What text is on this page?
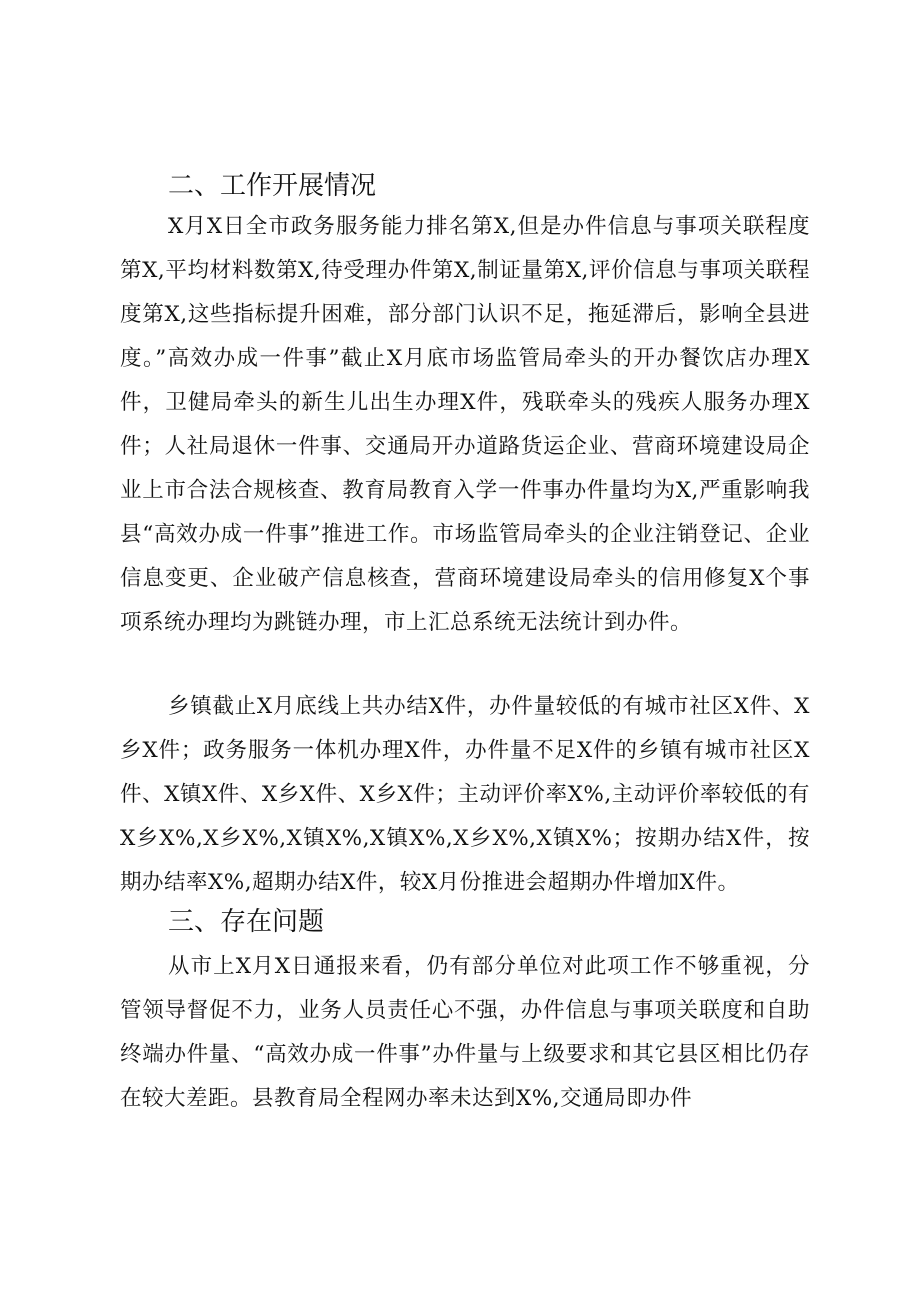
二、工作开展情况
X月X日全市政务服务能力排名第X,但是办件信息与事项关联程度第X,平均材料数第X,待受理办件第X,制证量第X,评价信息与事项关联程度第X,这些指标提升困难，部分部门认识不足，拖延滞后，影响全县进度。”高效办成一件事”截止X月底市场监管局牵头的开办餐饮店办理X件，卫健局牵头的新生儿出生办理X件，残联牵头的残疾人服务办理X件；人社局退休一件事、交通局开办道路货运企业、营商环境建设局企业上市合法合规核查、教育局教育入学一件事办件量均为X,严重影响我县“高效办成一件事”推进工作。市场监管局牵头的企业注销登记、企业信息变更、企业破产信息核查，营商环境建设局牵头的信用修复X个事项系统办理均为跳链办理，市上汇总系统无法统计到办件。
乡镇截止X月底线上共办结X件，办件量较低的有城市社区X件、X乡X件；政务服务一体机办理X件，办件量不足X件的乡镇有城市社区X件、X镇X件、X乡X件、X乡X件；主动评价率X%,主动评价率较低的有X乡X%,X乡X%,X镇X%,X镇X%,X乡X%,X镇X%；按期办结X件，按期办结率X%,超期办结X件，较X月份推进会超期办件增加X件。
三、存在问题
从市上X月X日通报来看，仍有部分单位对此项工作不够重视，分管领导督促不力，业务人员责任心不强，办件信息与事项关联度和自助终端办件量、“高效办成一件事”办件量与上级要求和其它县区相比仍存在较大差距。县教育局全程网办率未达到X%,交通局即办件
